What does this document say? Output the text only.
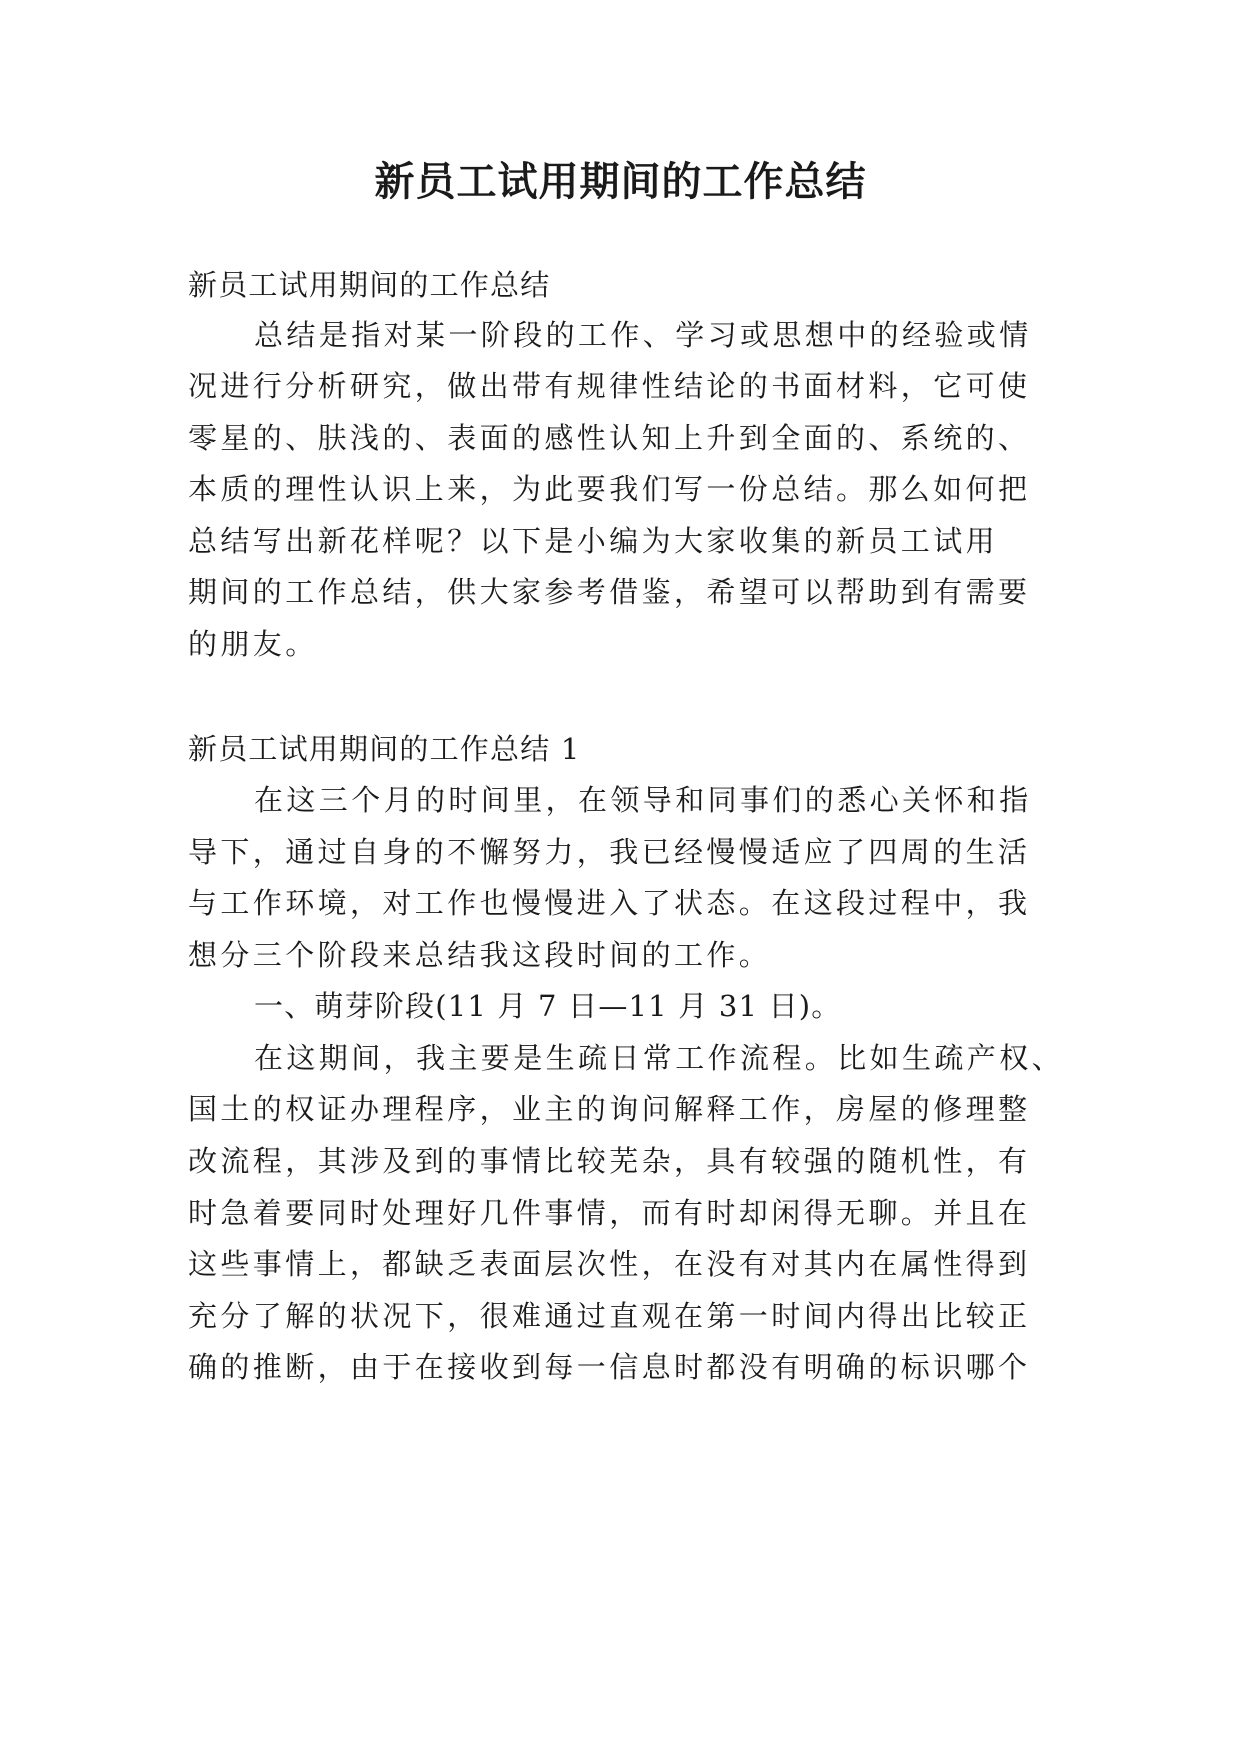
新员工试用期间的工作总结

新员工试用期间的工作总结

总结是指对某一阶段的工作、学习或思想中的经验或情

况进行分析研究，做出带有规律性结论的书面材料，它可使

零星的、肤浅的、表面的感性认知上升到全面的、系统的、

本质的理性认识上来，为此要我们写一份总结。那么如何把

总结写出新花样呢？以下是小编为大家收集的新员工试用

期间的工作总结，供大家参考借鉴，希望可以帮助到有需要

的朋友。

新员工试用期间的工作总结 1

在这三个月的时间里，在领导和同事们的悉心关怀和指

导下，通过自身的不懈努力，我已经慢慢适应了四周的生活

与工作环境，对工作也慢慢进入了状态。在这段过程中，我

想分三个阶段来总结我这段时间的工作。

一、萌芽阶段(11 月 7 日—11 月 31 日)。

在这期间，我主要是生疏日常工作流程。比如生疏产权、

国土的权证办理程序，业主的询问解释工作，房屋的修理整

改流程，其涉及到的事情比较芜杂，具有较强的随机性，有

时急着要同时处理好几件事情，而有时却闲得无聊。并且在

这些事情上，都缺乏表面层次性，在没有对其内在属性得到

充分了解的状况下，很难通过直观在第一时间内得出比较正

确的推断，由于在接收到每一信息时都没有明确的标识哪个
